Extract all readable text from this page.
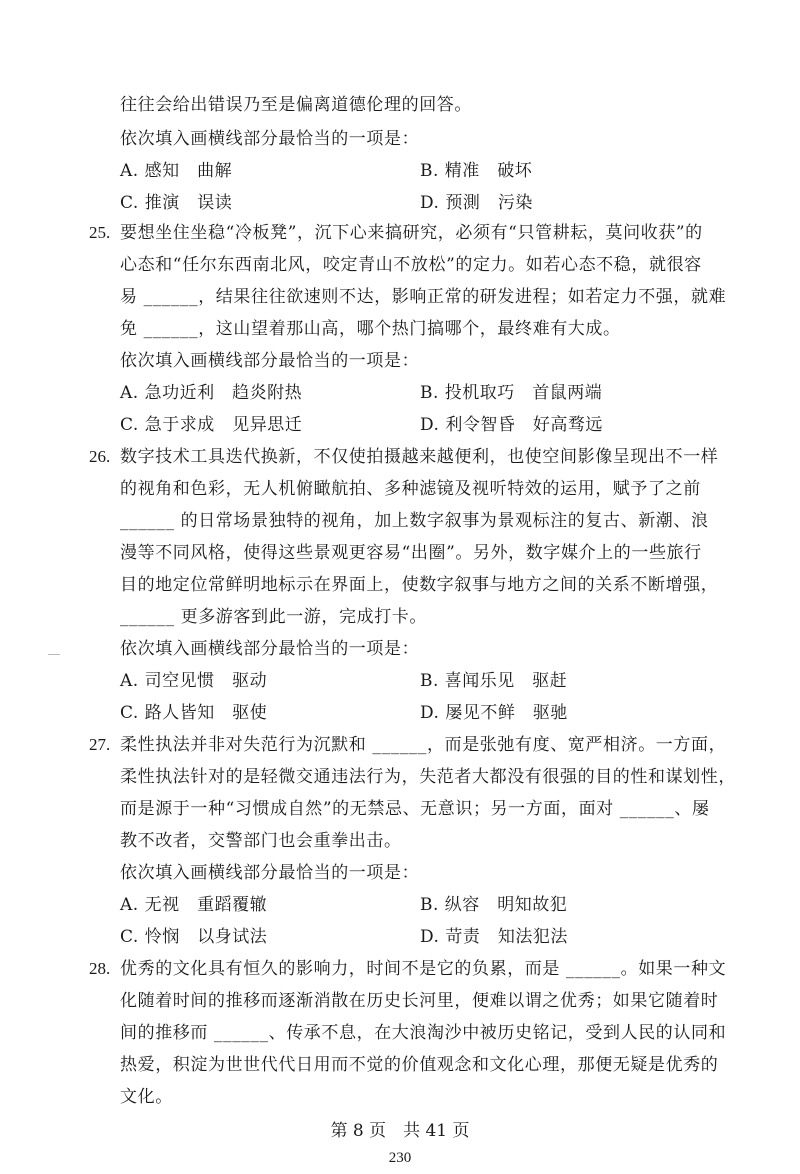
往往会给出错误乃至是偏离道德伦理的回答。
依次填入画横线部分最恰当的一项是：
A. 感知　曲解	B. 精准　破坏
C. 推演　误读	D. 预測　污染
25. 要想坐住坐稳“冷板凳”，沉下心来搞研究，必须有“只管耕耘，莫问收获”的
心态和“任尔东西南北风，咬定青山不放松”的定力。如若心态不稳，就很容
易 ______，结果往往欲速则不达，影响正常的研发进程；如若定力不强，就难
免 ______，这山望着那山高，哪个热门搞哪个，最终难有大成。
依次填入画横线部分最恰当的一项是：
A. 急功近利　趋炎附热	B. 投机取巧　首鼠两端
C. 急于求成　见异思迁	D. 利令智昏　好高骛远
26. 数字技术工具迭代换新，不仅使拍摄越来越便利，也使空间影像呈现出不一样
的视角和色彩，无人机俯瞰航拍、多种滤镜及视听特效的运用，赋予了之前
______ 的日常场景独特的视角，加上数字叙事为景观标注的复古、新潮、浪
漫等不同风格，使得这些景观更容易“出圈”。另外，数字媒介上的一些旅行
目的地定位常鲜明地标示在界面上，使数字叙事与地方之间的关系不断增强，
______ 更多游客到此一游，完成打卡。
依次填入画横线部分最恰当的一项是：
A. 司空见惯　驱动	B. 喜闻乐见　驱赶
C. 路人皆知　驱使	D. 屡见不鲜　驱驰
27. 柔性执法并非对失范行为沉默和 ______，而是张弛有度、宽严相济。一方面，
柔性执法针对的是轻微交通违法行为，失范者大都没有很强的目的性和谋划性，
而是源于一种“习惯成自然”的无禁忌、无意识；另一方面，面对 ______、屡
教不改者，交警部门也会重拳出击。
依次填入画横线部分最恰当的一项是：
A. 无视　重蹈覆辙	B. 纵容　明知故犯
C. 怜悯　以身试法	D. 苛责　知法犯法
28. 优秀的文化具有恒久的影响力，时间不是它的负累，而是 ______。如果一种文
化随着时间的推移而逐渐消散在历史长河里，便难以谓之优秀；如果它随着时
间的推移而 ______、传承不息，在大浪淘沙中被历史铭记，受到人民的认同和
热爱，积淀为世世代代日用而不觉的价值观念和文化心理，那便无疑是优秀的
文化。
第 8 页　共 41 页
230
